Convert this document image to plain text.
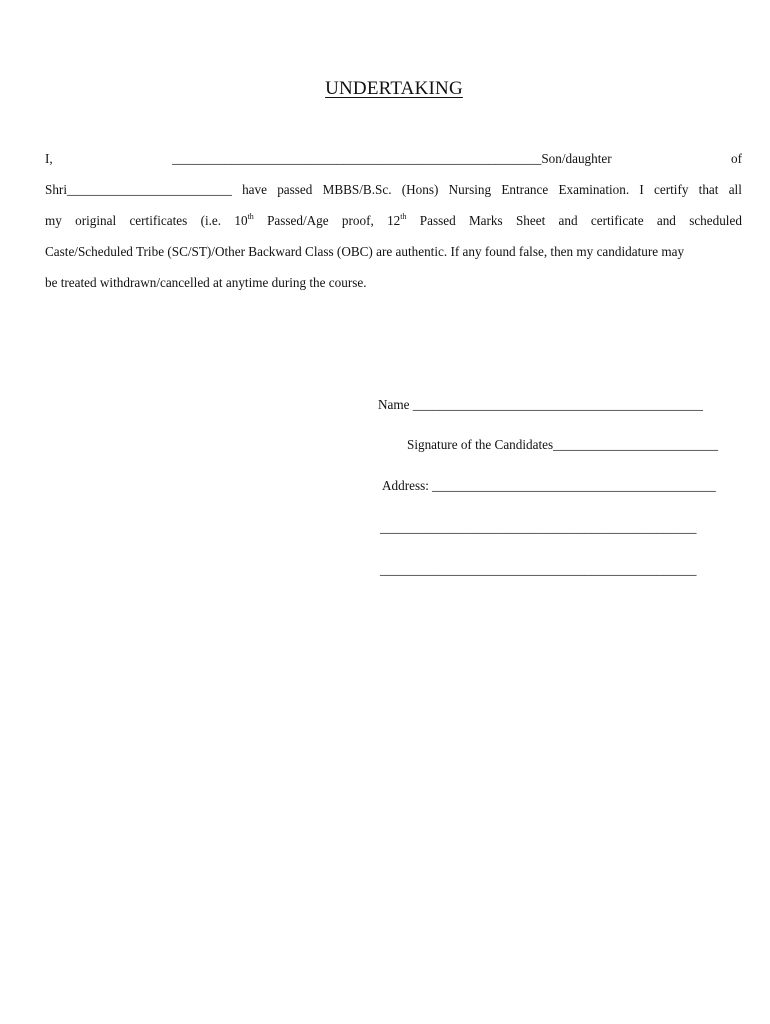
UNDERTAKING
I,	________________________________________________________Son/daughter	of
Shri_________________________ have passed MBBS/B.Sc. (Hons) Nursing Entrance Examination. I certify that all
my original certificates (i.e. 10th Passed/Age proof, 12th Passed Marks Sheet and certificate and scheduled
Caste/Scheduled Tribe (SC/ST)/Other Backward Class (OBC) are authentic. If any found false, then my candidature may
be treated withdrawn/cancelled at anytime during the course.
Name ____________________________________________
Signature of the Candidates_________________________
Address: ___________________________________________
________________________________________________
________________________________________________
